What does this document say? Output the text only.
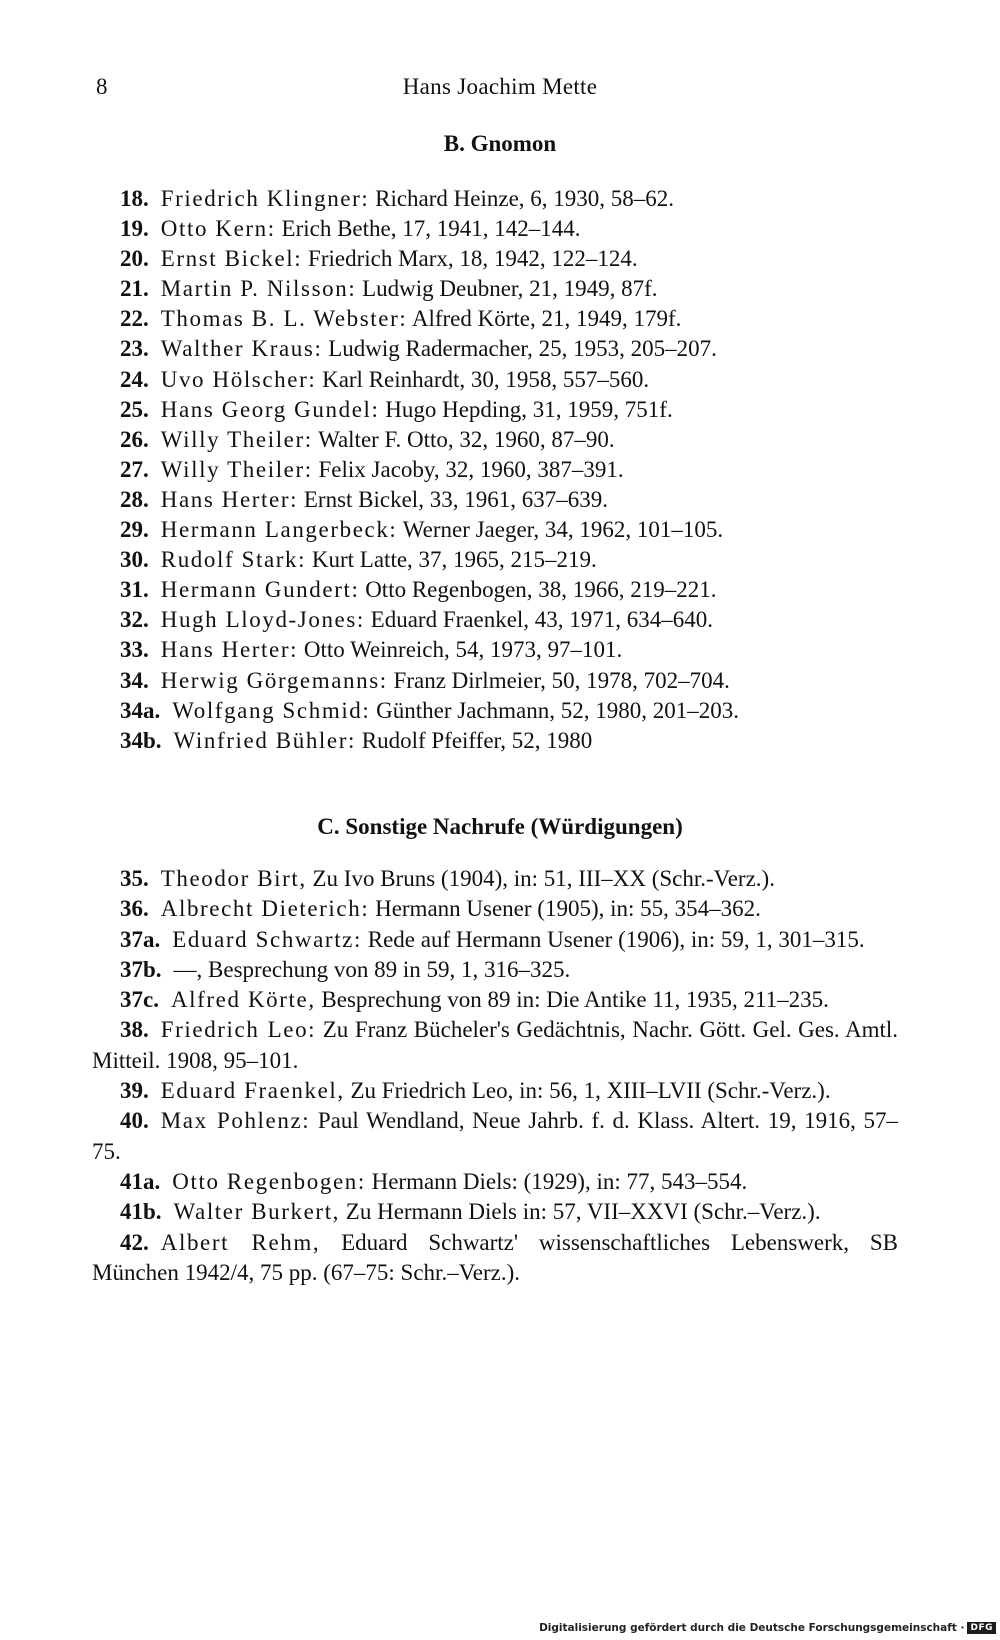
8	Hans Joachim Mette
B. Gnomon
18. Friedrich Klingner: Richard Heinze, 6, 1930, 58–62.
19. Otto Kern: Erich Bethe, 17, 1941, 142–144.
20. Ernst Bickel: Friedrich Marx, 18, 1942, 122–124.
21. Martin P. Nilsson: Ludwig Deubner, 21, 1949, 87f.
22. Thomas B. L. Webster: Alfred Körte, 21, 1949, 179f.
23. Walther Kraus: Ludwig Radermacher, 25, 1953, 205–207.
24. Uvo Hölscher: Karl Reinhardt, 30, 1958, 557–560.
25. Hans Georg Gundel: Hugo Hepding, 31, 1959, 751f.
26. Willy Theiler: Walter F. Otto, 32, 1960, 87–90.
27. Willy Theiler: Felix Jacoby, 32, 1960, 387–391.
28. Hans Herter: Ernst Bickel, 33, 1961, 637–639.
29. Hermann Langerbeck: Werner Jaeger, 34, 1962, 101–105.
30. Rudolf Stark: Kurt Latte, 37, 1965, 215–219.
31. Hermann Gundert: Otto Regenbogen, 38, 1966, 219–221.
32. Hugh Lloyd-Jones: Eduard Fraenkel, 43, 1971, 634–640.
33. Hans Herter: Otto Weinreich, 54, 1973, 97–101.
34. Herwig Görgemanns: Franz Dirlmeier, 50, 1978, 702–704.
34a. Wolfgang Schmid: Günther Jachmann, 52, 1980, 201–203.
34b. Winfried Bühler: Rudolf Pfeiffer, 52, 1980
C. Sonstige Nachrufe (Würdigungen)
35. Theodor Birt, Zu Ivo Bruns (1904), in: 51, III–XX (Schr.-Verz.).
36. Albrecht Dieterich: Hermann Usener (1905), in: 55, 354–362.
37a. Eduard Schwartz: Rede auf Hermann Usener (1906), in: 59, 1, 301–315.
37b. —, Besprechung von 89 in 59, 1, 316–325.
37c. Alfred Körte, Besprechung von 89 in: Die Antike 11, 1935, 211–235.
38. Friedrich Leo: Zu Franz Bücheler's Gedächtnis, Nachr. Gött. Gel. Ges. Amtl. Mitteil. 1908, 95–101.
39. Eduard Fraenkel, Zu Friedrich Leo, in: 56, 1, XIII–LVII (Schr.-Verz.).
40. Max Pohlenz: Paul Wendland, Neue Jahrb. f. d. Klass. Altert. 19, 1916, 57–75.
41a. Otto Regenbogen: Hermann Diels: (1929), in: 77, 543–554.
41b. Walter Burkert, Zu Hermann Diels in: 57, VII–XXVI (Schr.–Verz.).
42. Albert Rehm, Eduard Schwartz' wissenschaftliches Lebenswerk, SB München 1942/4, 75 pp. (67–75: Schr.–Verz.).
Digitalisierung gefördert durch die Deutsche Forschungsgemeinschaft · DFG
